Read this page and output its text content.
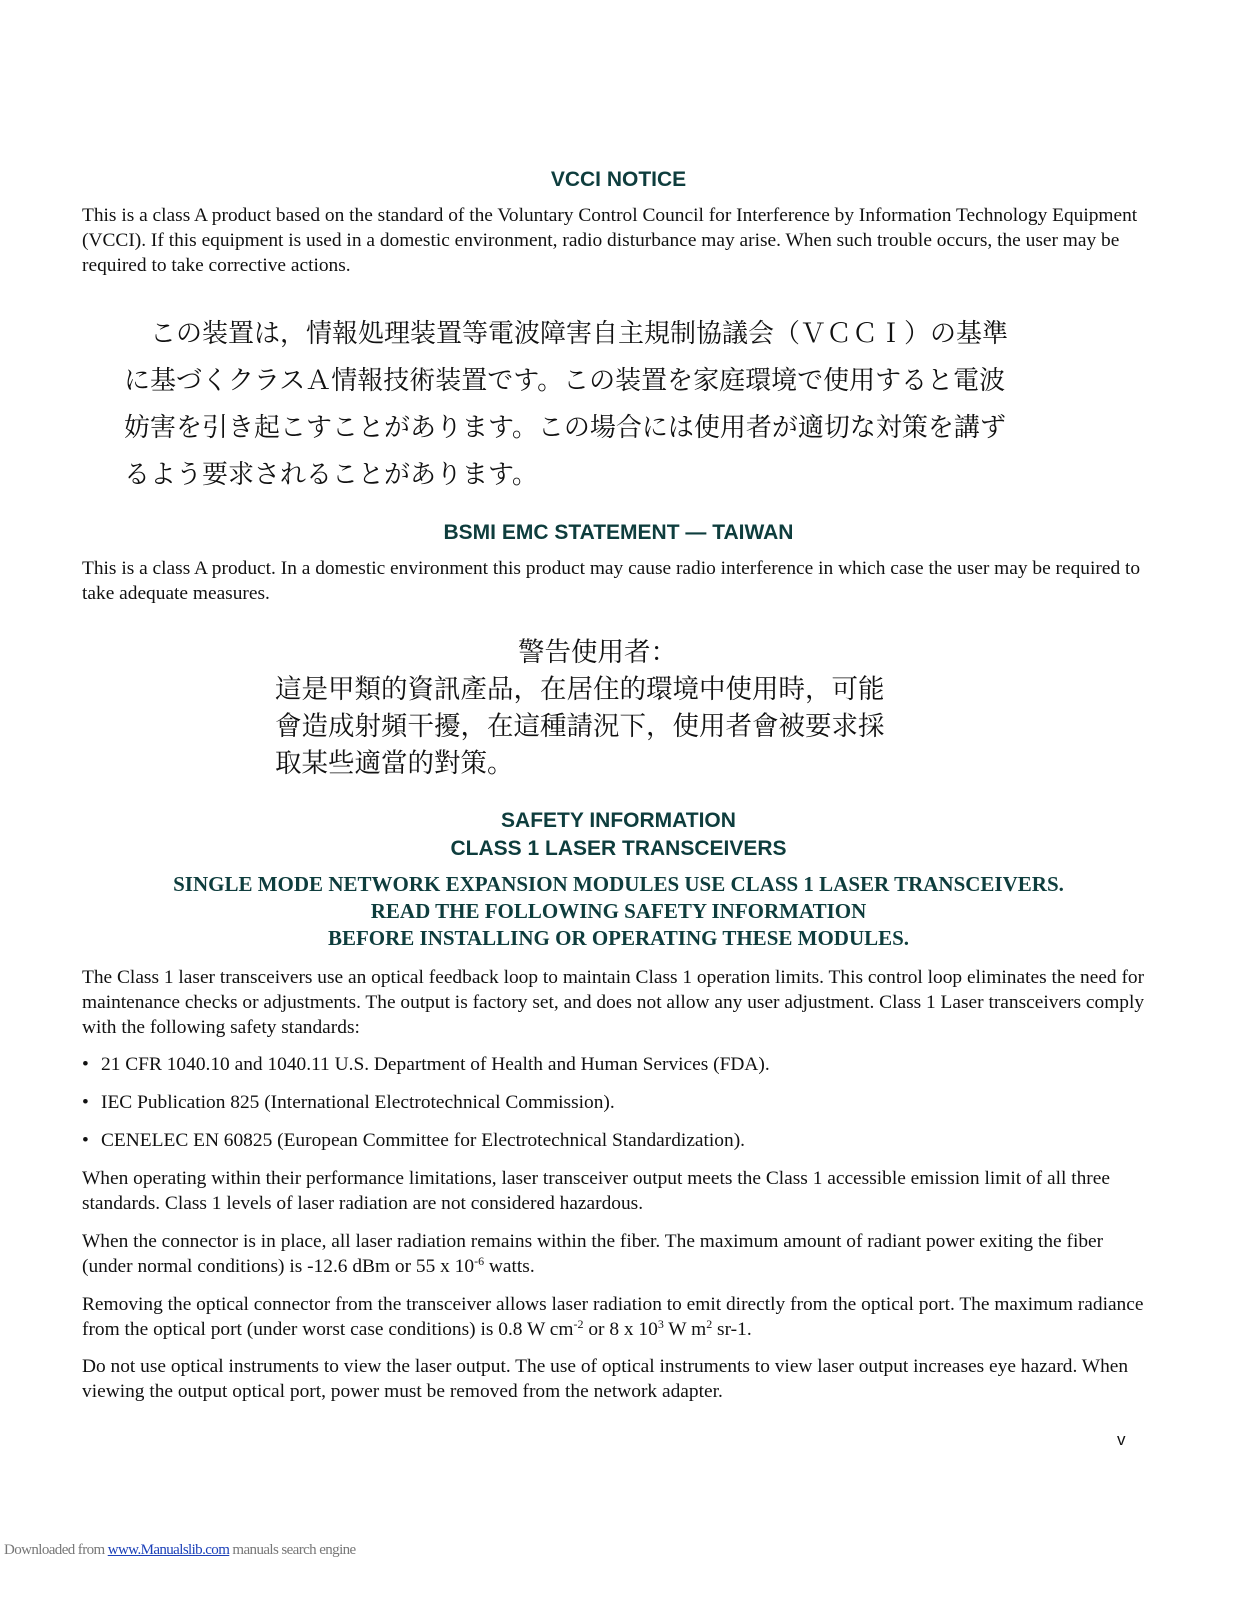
VCCI NOTICE

This is a class A product based on the standard of the Voluntary Control Council for Interference by Information Technology Equipment (VCCI). If this equipment is used in a domestic environment, radio disturbance may arise. When such trouble occurs, the user may be required to take corrective actions.

　この装置は，情報処理装置等電波障害自主規制協議会（ＶＣＣＩ）の基準
に基づくクラスＡ情報技術装置です。この装置を家庭環境で使用すると電波
妨害を引き起こすことがあります。この場合には使用者が適切な対策を講ず
るよう要求されることがあります。
BSMI EMC STATEMENT — TAIWAN

This is a class A product. In a domestic environment this product may cause radio interference in which case the user may be required to take adequate measures.

警告使用者：
這是甲類的資訊產品，在居住的環境中使用時，可能
會造成射頻干擾，在這種請況下，使用者會被要求採
取某些適當的對策。
SAFETY INFORMATION
CLASS 1 LASER TRANSCEIVERS
SINGLE MODE NETWORK EXPANSION MODULES USE CLASS 1 LASER TRANSCEIVERS.
READ THE FOLLOWING SAFETY INFORMATION
BEFORE INSTALLING OR OPERATING THESE MODULES.

The Class 1 laser transceivers use an optical feedback loop to maintain Class 1 operation limits. This control loop eliminates the need for maintenance checks or adjustments. The output is factory set, and does not allow any user adjustment. Class 1 Laser transceivers comply with the following safety standards:

• 21 CFR 1040.10 and 1040.11 U.S. Department of Health and Human Services (FDA).
• IEC Publication 825 (International Electrotechnical Commission).
• CENELEC EN 60825 (European Committee for Electrotechnical Standardization).

When operating within their performance limitations, laser transceiver output meets the Class 1 accessible emission limit of all three standards. Class 1 levels of laser radiation are not considered hazardous.

When the connector is in place, all laser radiation remains within the fiber. The maximum amount of radiant power exiting the fiber (under normal conditions) is -12.6 dBm or 55 x $10^{-6}$ watts.

Removing the optical connector from the transceiver allows laser radiation to emit directly from the optical port. The maximum radiance from the optical port (under worst case conditions) is 0.8 W $cm^{-2}$ or 8 x $10^3$ W $m^2$ sr-1.

Do not use optical instruments to view the laser output. The use of optical instruments to view laser output increases eye hazard. When viewing the output optical port, power must be removed from the network adapter.

v
Downloaded from www.Manualslib.com manuals search engine
